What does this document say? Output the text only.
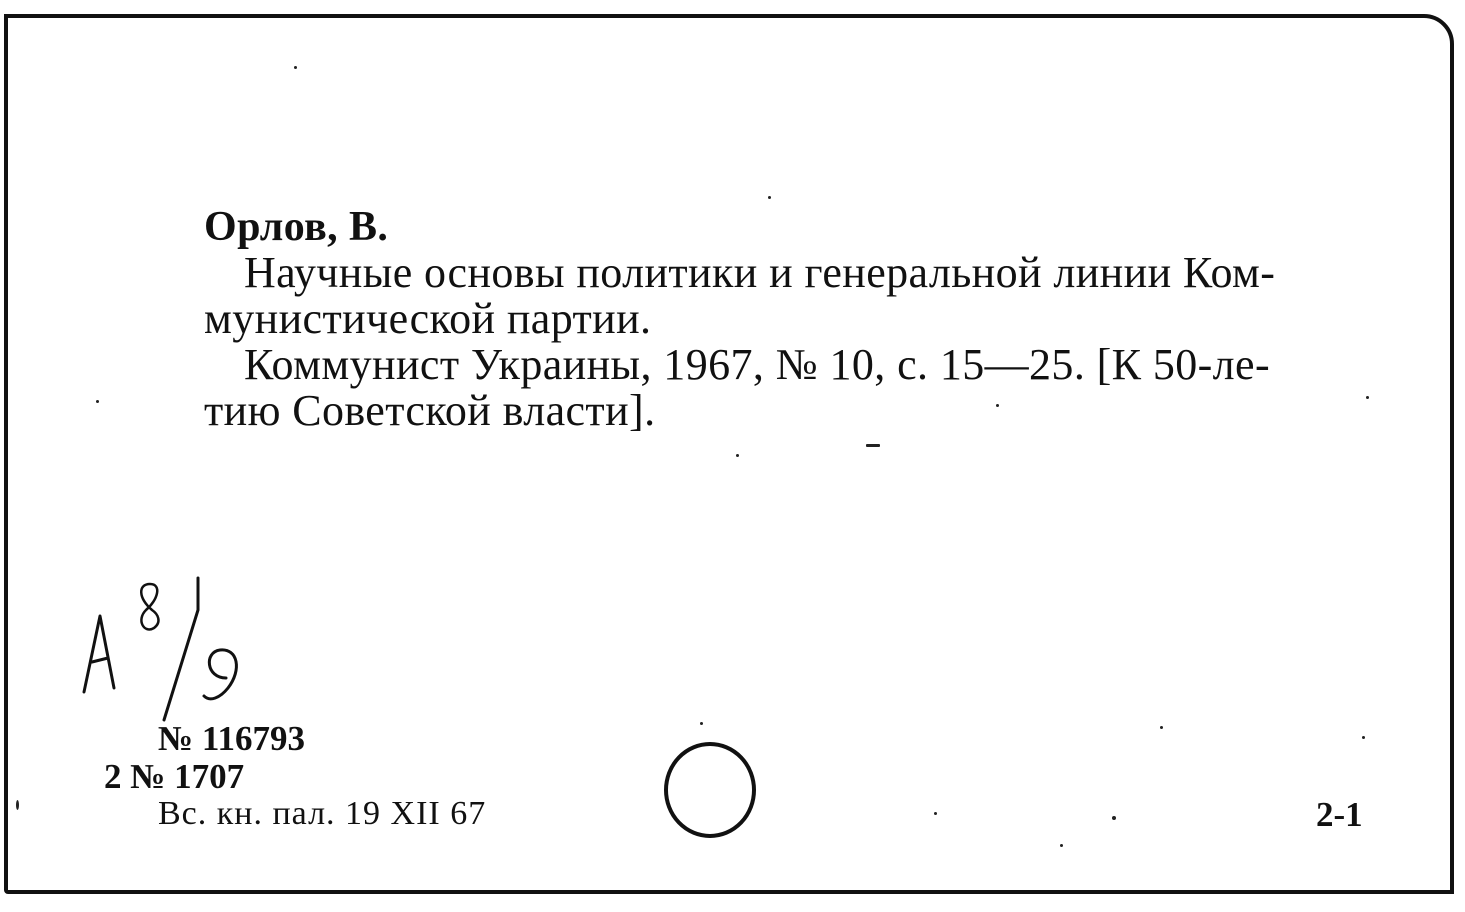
Орлов, В.
Научные основы политики и генеральной линии Ком-
мунистической партии.
Коммунист Украины, 1967, № 10, с. 15—25. [К 50-ле-
тию Советской власти].
№ 116793
2 № 1707
Вс. кн. пал. 19 XII 67	2-1
